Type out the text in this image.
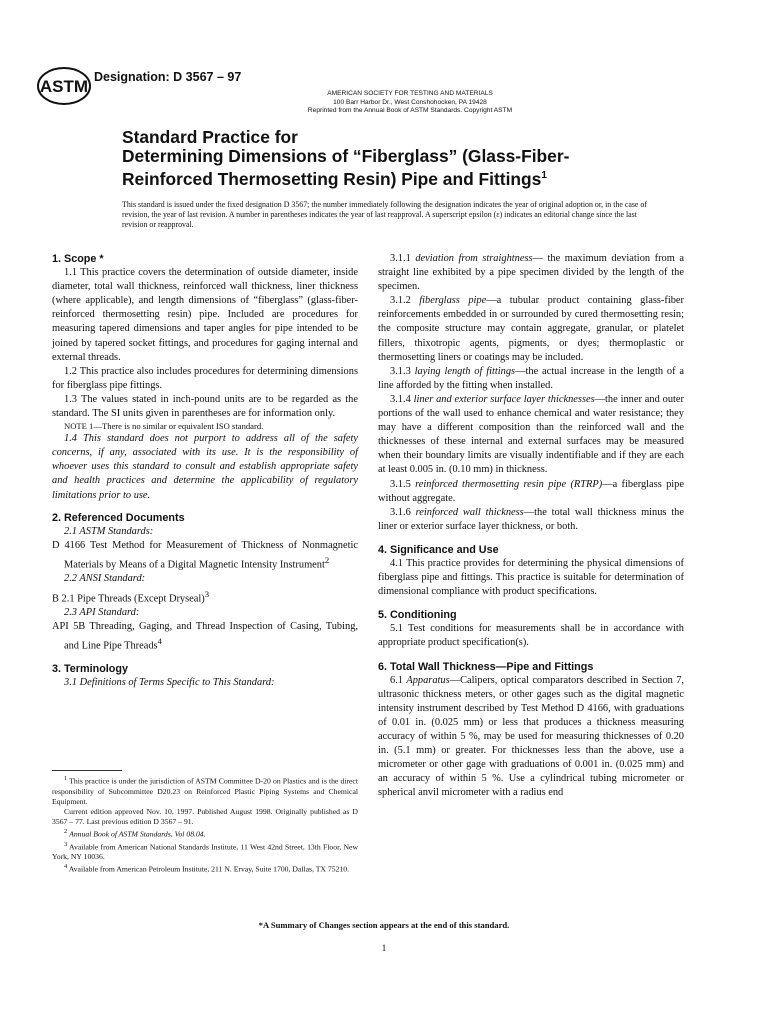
ASTM Designation: D 3567 – 97
AMERICAN SOCIETY FOR TESTING AND MATERIALS
100 Barr Harbor Dr., West Conshohocken, PA 19428
Reprinted from the Annual Book of ASTM Standards. Copyright ASTM
Standard Practice for
Determining Dimensions of “Fiberglass” (Glass-Fiber-
Reinforced Thermosetting Resin) Pipe and Fittings$^1$
This standard is issued under the fixed designation D 3567; the number immediately following the designation indicates the year of original adoption or, in the case of revision, the year of last revision. A number in parentheses indicates the year of last reapproval. A superscript epsilon (ε) indicates an editorial change since the last revision or reapproval.

1. Scope *

1.1 This practice covers the determination of outside diameter, inside diameter, total wall thickness, reinforced wall thickness, liner thickness (where applicable), and length dimensions of “fiberglass” (glass-fiber-reinforced thermosetting resin) pipe. Included are procedures for measuring tapered dimensions and taper angles for pipe intended to be joined by tapered socket fittings, and procedures for gaging internal and external threads.

1.2 This practice also includes procedures for determining dimensions for fiberglass pipe fittings.

1.3 The values stated in inch-pound units are to be regarded as the standard. The SI units given in parentheses are for information only.

NOTE 1—There is no similar or equivalent ISO standard.

1.4 This standard does not purport to address all of the safety concerns, if any, associated with its use. It is the responsibility of whoever uses this standard to consult and establish appropriate safety and health practices and determine the applicability of regulatory limitations prior to use.

2. Referenced Documents

2.1 ASTM Standards:

D 4166 Test Method for Measurement of Thickness of Nonmagnetic Materials by Means of a Digital Magnetic Intensity Instrument$^2$

2.2 ANSI Standard:

B 2.1 Pipe Threads (Except Dryseal)$^3$

2.3 API Standard:

API 5B Threading, Gaging, and Thread Inspection of Casing, Tubing, and Line Pipe Threads$^4$

3. Terminology

3.1 Definitions of Terms Specific to This Standard:

$^1$ This practice is under the jurisdiction of ASTM Committee D-20 on Plastics and is the direct responsibility of Subcommittee D20.23 on Reinforced Plastic Piping Systems and Chemical Equipment.

Current edition approved Nov. 10, 1997. Published August 1998. Originally published as D 3567 – 77. Last previous edition D 3567 – 91.

$^2$ Annual Book of ASTM Standards, Vol 08.04.

$^3$ Available from American National Standards Institute, 11 West 42nd Street, 13th Floor, New York, NY 10036.

$^4$ Available from American Petroleum Institute, 211 N. Ervay, Suite 1700, Dallas, TX 75210.

3.1.1 deviation from straightness— the maximum deviation from a straight line exhibited by a pipe specimen divided by the length of the specimen.

3.1.2 fiberglass pipe—a tubular product containing glass-fiber reinforcements embedded in or surrounded by cured thermosetting resin; the composite structure may contain aggregate, granular, or platelet fillers, thixotropic agents, pigments, or dyes; thermoplastic or thermosetting liners or coatings may be included.

3.1.3 laying length of fittings—the actual increase in the length of a line afforded by the fitting when installed.

3.1.4 liner and exterior surface layer thicknesses—the inner and outer portions of the wall used to enhance chemical and water resistance; they may have a different composition than the reinforced wall and the thicknesses of these internal and external surfaces may be measured when their boundary limits are visually indentifiable and if they are each at least 0.005 in. (0.10 mm) in thickness.

3.1.5 reinforced thermosetting resin pipe (RTRP)—a fiberglass pipe without aggregate.

3.1.6 reinforced wall thickness—the total wall thickness minus the liner or exterior surface layer thickness, or both.

4. Significance and Use

4.1 This practice provides for determining the physical dimensions of fiberglass pipe and fittings. This practice is suitable for determination of dimensional compliance with product specifications.

5. Conditioning

5.1 Test conditions for measurements shall be in accordance with appropriate product specification(s).

6. Total Wall Thickness—Pipe and Fittings

6.1 Apparatus—Calipers, optical comparators described in Section 7, ultrasonic thickness meters, or other gages such as the digital magnetic intensity instrument described by Test Method D 4166, with graduations of 0.01 in. (0.025 mm) or less that produces a thickness measuring accuracy of within 5 %, may be used for measuring thicknesses of 0.20 in. (5.1 mm) or greater. For thicknesses less than the above, use a micrometer or other gage with graduations of 0.001 in. (0.025 mm) and an accuracy of within 5 %. Use a cylindrical tubing micrometer or spherical anvil micrometer with a radius end

*A Summary of Changes section appears at the end of this standard.
1
